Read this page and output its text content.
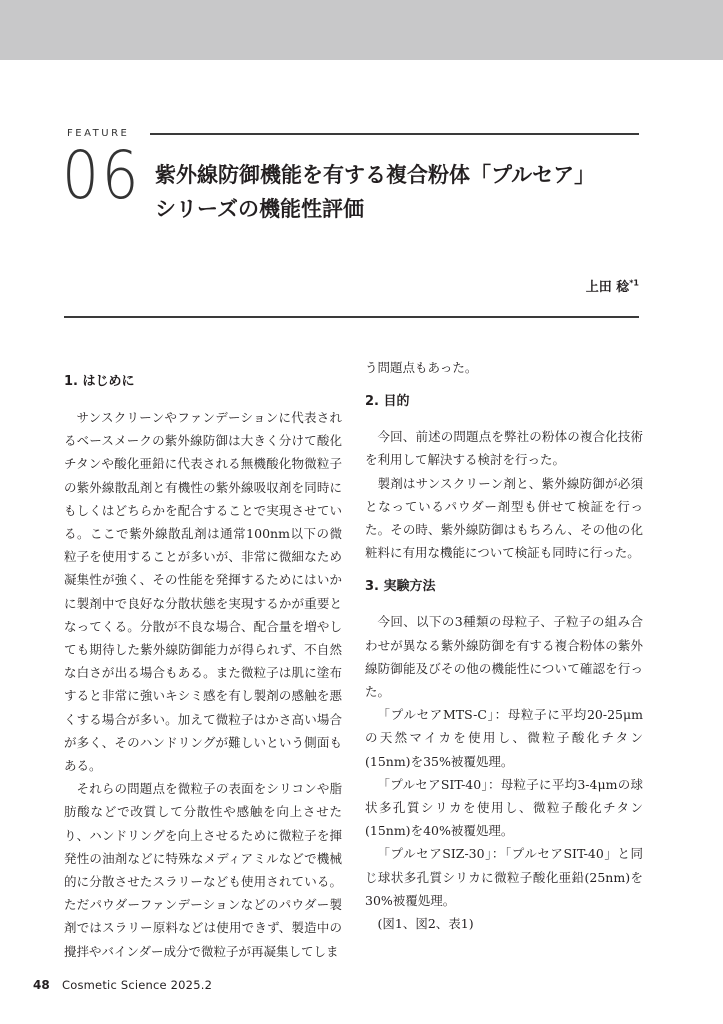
FEATURE
06 紫外線防御機能を有する複合粉体「プルセア」
シリーズの機能性評価
上田 稔$^{*1}$
1. はじめに

サンスクリーンやファンデーションに代表されるベースメークの紫外線防御は大きく分けて酸化チタンや酸化亜鉛に代表される無機酸化物微粒子の紫外線散乱剤と有機性の紫外線吸収剤を同時にもしくはどちらかを配合することで実現させている。ここで紫外線散乱剤は通常100nm以下の微粒子を使用することが多いが、非常に微細なため凝集性が強く、その性能を発揮するためにはいかに製剤中で良好な分散状態を実現するかが重要となってくる。分散が不良な場合、配合量を増やしても期待した紫外線防御能力が得られず、不自然な白さが出る場合もある。また微粒子は肌に塗布すると非常に強いキシミ感を有し製剤の感触を悪くする場合が多い。加えて微粒子はかさ高い場合が多く、そのハンドリングが難しいという側面もある。

それらの問題点を微粒子の表面をシリコンや脂肪酸などで改質して分散性や感触を向上させたり、ハンドリングを向上させるために微粒子を揮発性の油剤などに特殊なメディアミルなどで機械的に分散させたスラリーなども使用されている。ただパウダーファンデーションなどのパウダー製剤ではスラリー原料などは使用できず、製造中の攪拌やバインダー成分で微粒子が再凝集してしま

う問題点もあった。

2. 目的

今回、前述の問題点を弊社の粉体の複合化技術を利用して解決する検討を行った。

製剤はサンスクリーン剤と、紫外線防御が必須となっているパウダー剤型も併せて検証を行った。その時、紫外線防御はもちろん、その他の化粧料に有用な機能について検証も同時に行った。

3. 実験方法

今回、以下の3種類の母粒子、子粒子の組み合わせが異なる紫外線防御を有する複合粉体の紫外線防御能及びその他の機能性について確認を行った。

「プルセアMTS-C」：母粒子に平均20-25μmの天然マイカを使用し、微粒子酸化チタン(15nm)を35%被覆処理。

「プルセアSIT-40」：母粒子に平均3-4μmの球状多孔質シリカを使用し、微粒子酸化チタン(15nm)を40%被覆処理。

「プルセアSIZ-30」：「プルセアSIT-40」と同じ球状多孔質シリカに微粒子酸化亜鉛(25nm)を30%被覆処理。

(図1、図2、表1)

48 Cosmetic Science 2025.2
